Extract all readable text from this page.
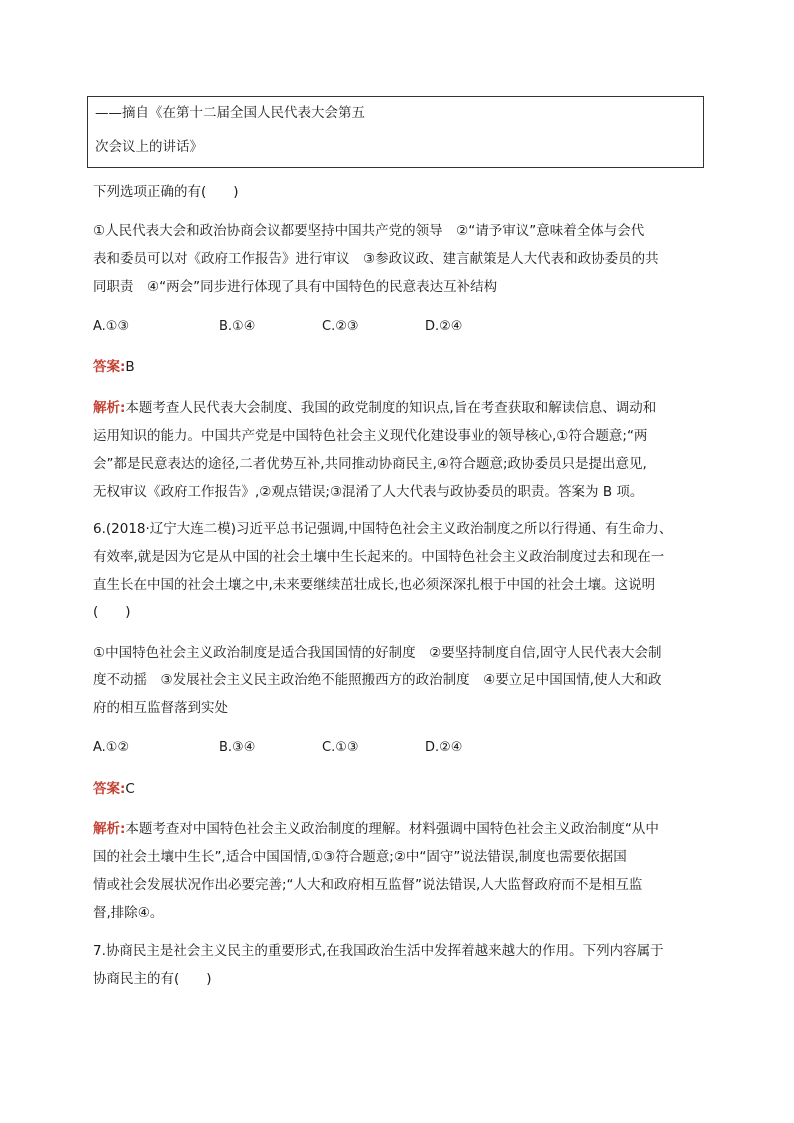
——摘自《在第十二届全国人民代表大会第五
次会议上的讲话》
下列选项正确的有(　　)
①人民代表大会和政治协商会议都要坚持中国共产党的领导　②“请予审议”意味着全体与会代
表和委员可以对《政府工作报告》进行审议　③参政议政、建言献策是人大代表和政协委员的共
同职责　④“两会”同步进行体现了具有中国特色的民意表达互补结构
A.①③	B.①④	C.②③	D.②④
答案:B
解析:本题考查人民代表大会制度、我国的政党制度的知识点,旨在考查获取和解读信息、调动和
运用知识的能力。中国共产党是中国特色社会主义现代化建设事业的领导核心,①符合题意;“两
会”都是民意表达的途径,二者优势互补,共同推动协商民主,④符合题意;政协委员只是提出意见,
无权审议《政府工作报告》,②观点错误;③混淆了人大代表与政协委员的职责。答案为 B 项。
6.(2018·辽宁大连二模)习近平总书记强调,中国特色社会主义政治制度之所以行得通、有生命力、
有效率,就是因为它是从中国的社会土壤中生长起来的。中国特色社会主义政治制度过去和现在一
直生长在中国的社会土壤之中,未来要继续茁壮成长,也必须深深扎根于中国的社会土壤。这说明
(　　)
①中国特色社会主义政治制度是适合我国国情的好制度　②要坚持制度自信,固守人民代表大会制
度不动摇　③发展社会主义民主政治绝不能照搬西方的政治制度　④要立足中国国情,使人大和政
府的相互监督落到实处
A.①②	B.③④	C.①③	D.②④
答案:C
解析:本题考查对中国特色社会主义政治制度的理解。材料强调中国特色社会主义政治制度“从中
国的社会土壤中生长”,适合中国国情,①③符合题意;②中“固守”说法错误,制度也需要依据国
情或社会发展状况作出必要完善;“人大和政府相互监督”说法错误,人大监督政府而不是相互监
督,排除④。
7.协商民主是社会主义民主的重要形式,在我国政治生活中发挥着越来越大的作用。下列内容属于
协商民主的有(　　)
